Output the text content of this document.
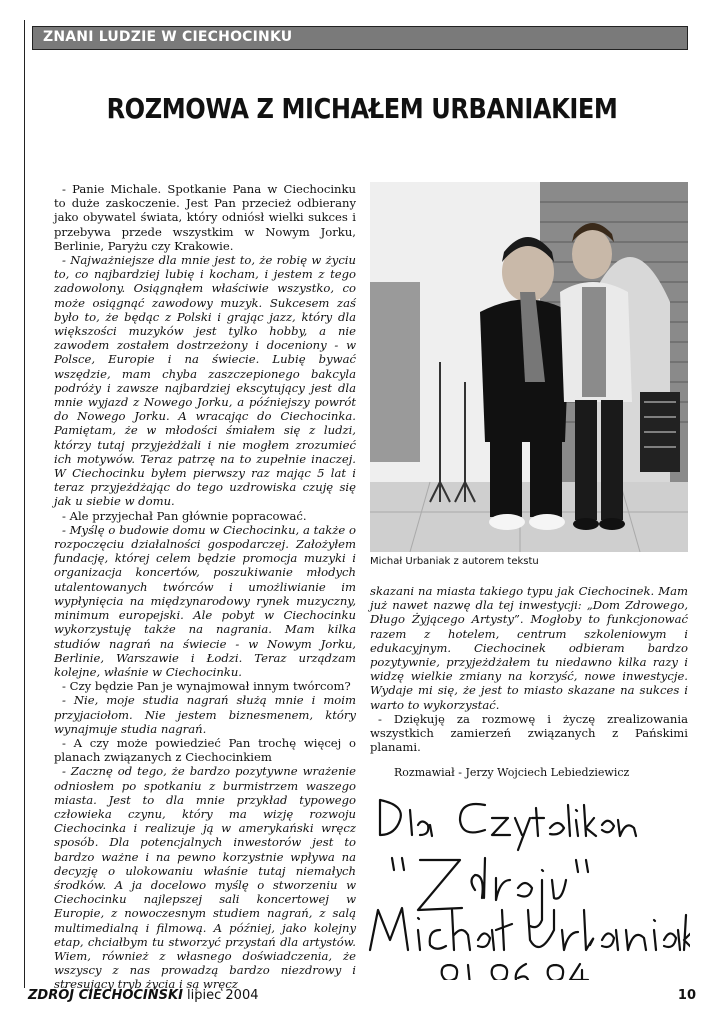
ZNANI LUDZIE W CIECHOCINKU
ROZMOWA Z MICHAŁEM URBANIAKIEM

- Panie Michale. Spotkanie Pana w Ciechocinku to duże zaskoczenie. Jest Pan przecież odbierany jako obywatel świata, który odniósł wielki sukces i przebywa przede wszystkim w Nowym Jorku, Berlinie, Paryżu czy Krakowie.

- Najważniejsze dla mnie jest to, że robię w życiu to, co najbardziej lubię i kocham, i jestem z tego zadowolony. Osiągnąłem właściwie wszystko, co może osiągnąć zawodowy muzyk. Sukcesem zaś było to, że będąc z Polski i grając jazz, który dla większości muzyków jest tylko hobby, a nie zawodem zostałem dostrzeżony i doceniony - w Polsce, Europie i na świecie. Lubię bywać wszędzie, mam chyba zaszczepionego bakcyla podróży i zawsze najbardziej ekscytujący jest dla mnie wyjazd z Nowego Jorku, a późniejszy powrót do Nowego Jorku. A wracając do Ciechocinka. Pamiętam, że w młodości śmiałem się z ludzi, którzy tutaj przyjeżdżali i nie mogłem zrozumieć ich motywów. Teraz patrzę na to zupełnie inaczej. W Ciechocinku byłem pierwszy raz mając 5 lat i teraz przyjeżdżając do tego uzdrowiska czuję się jak u siebie w domu.

- Ale przyjechał Pan głównie popracować.

- Myślę o budowie domu w Ciechocinku, a także o rozpoczęciu działalności gospodarczej. Założyłem fundację, której celem będzie promocja muzyki i organizacja koncertów, poszukiwanie młodych utalentowanych twórców i umożliwianie im wypłynięcia na międzynarodowy rynek muzyczny, minimum europejski. Ale pobyt w Ciechocinku wykorzystuję także na nagrania. Mam kilka studiów nagrań na świecie - w Nowym Jorku, Berlinie, Warszawie i Łodzi. Teraz urządzam kolejne, właśnie w Ciechocinku.

- Czy będzie Pan je wynajmował innym twórcom?

- Nie, moje studia nagrań służą mnie i moim przyjaciołom. Nie jestem biznesmenem, który wynajmuje studia nagrań.

- A czy może powiedzieć Pan trochę więcej o planach związanych z Ciechocinkiem

- Zacznę od tego, że bardzo pozytywne wrażenie odniosłem po spotkaniu z burmistrzem waszego miasta. Jest to dla mnie przykład typowego człowieka czynu, który ma wizję rozwoju Ciechocinka i realizuje ją w amerykański wręcz sposób. Dla potencjalnych inwestorów jest to bardzo ważne i na pewno korzystnie wpływa na decyzję o ulokowaniu właśnie tutaj niemałych środków. A ja docelowo myślę o stworzeniu w Ciechocinku najlepszej sali koncertowej w Europie, z nowoczesnym studiem nagrań, z salą multimedialną i filmową. A później, jako kolejny etap, chciałbym tu stworzyć przystań dla artystów. Wiem, również z własnego doświadczenia, że wszyscy z nas prowadzą bardzo niezdrowy i stresujący tryb życia i są wręcz

Michał Urbaniak z autorem tekstu

skazani na miasta takiego typu jak Ciechocinek. Mam już nawet nazwę dla tej inwestycji: „Dom Zdrowego, Długo Żyjącego Artysty”. Mogłoby to funkcjonować razem z hotelem, centrum szkoleniowym i edukacyjnym. Ciechocinek odbieram bardzo pozytywnie, przyjeżdżałem tu niedawno kilka razy i widzę wielkie zmiany na korzyść, nowe inwestycje. Wydaje mi się, że jest to miasto skazane na sukces i warto to wykorzystać.

- Dziękuję za rozmowę i życzę zrealizowania wszystkich zamierzeń związanych z Pańskimi planami.

Rozmawiał - Jerzy Wojciech Lebiedziewicz
ZDRÓJ CIECHOCIŃSKI lipiec 2004	10
